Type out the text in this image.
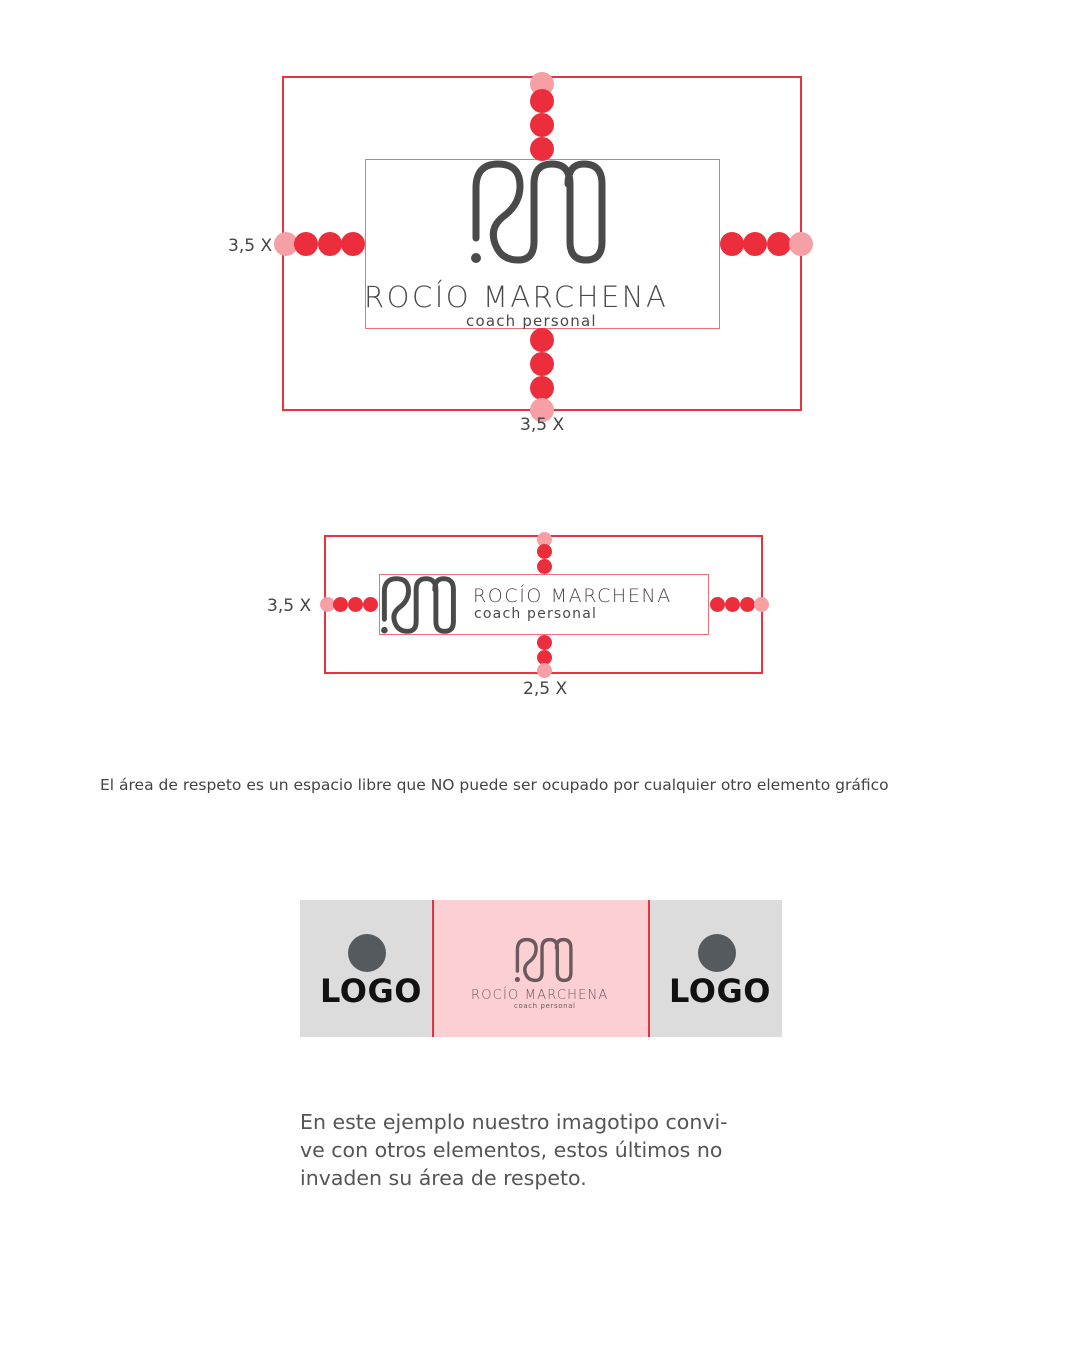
ROCÍO MARCHENA
coach personal
3,5 X
3,5 X
ROCÍO MARCHENA
coach personal
3,5 X
2,5 X
El área de respeto es un espacio libre que NO puede ser ocupado por cualquier otro elemento gráfico
LOGO	LOGO
ROCÍO MARCHENA
coach personal
En este ejemplo nuestro imagotipo convi-
ve con otros elementos, estos últimos no
invaden su área de respeto.
